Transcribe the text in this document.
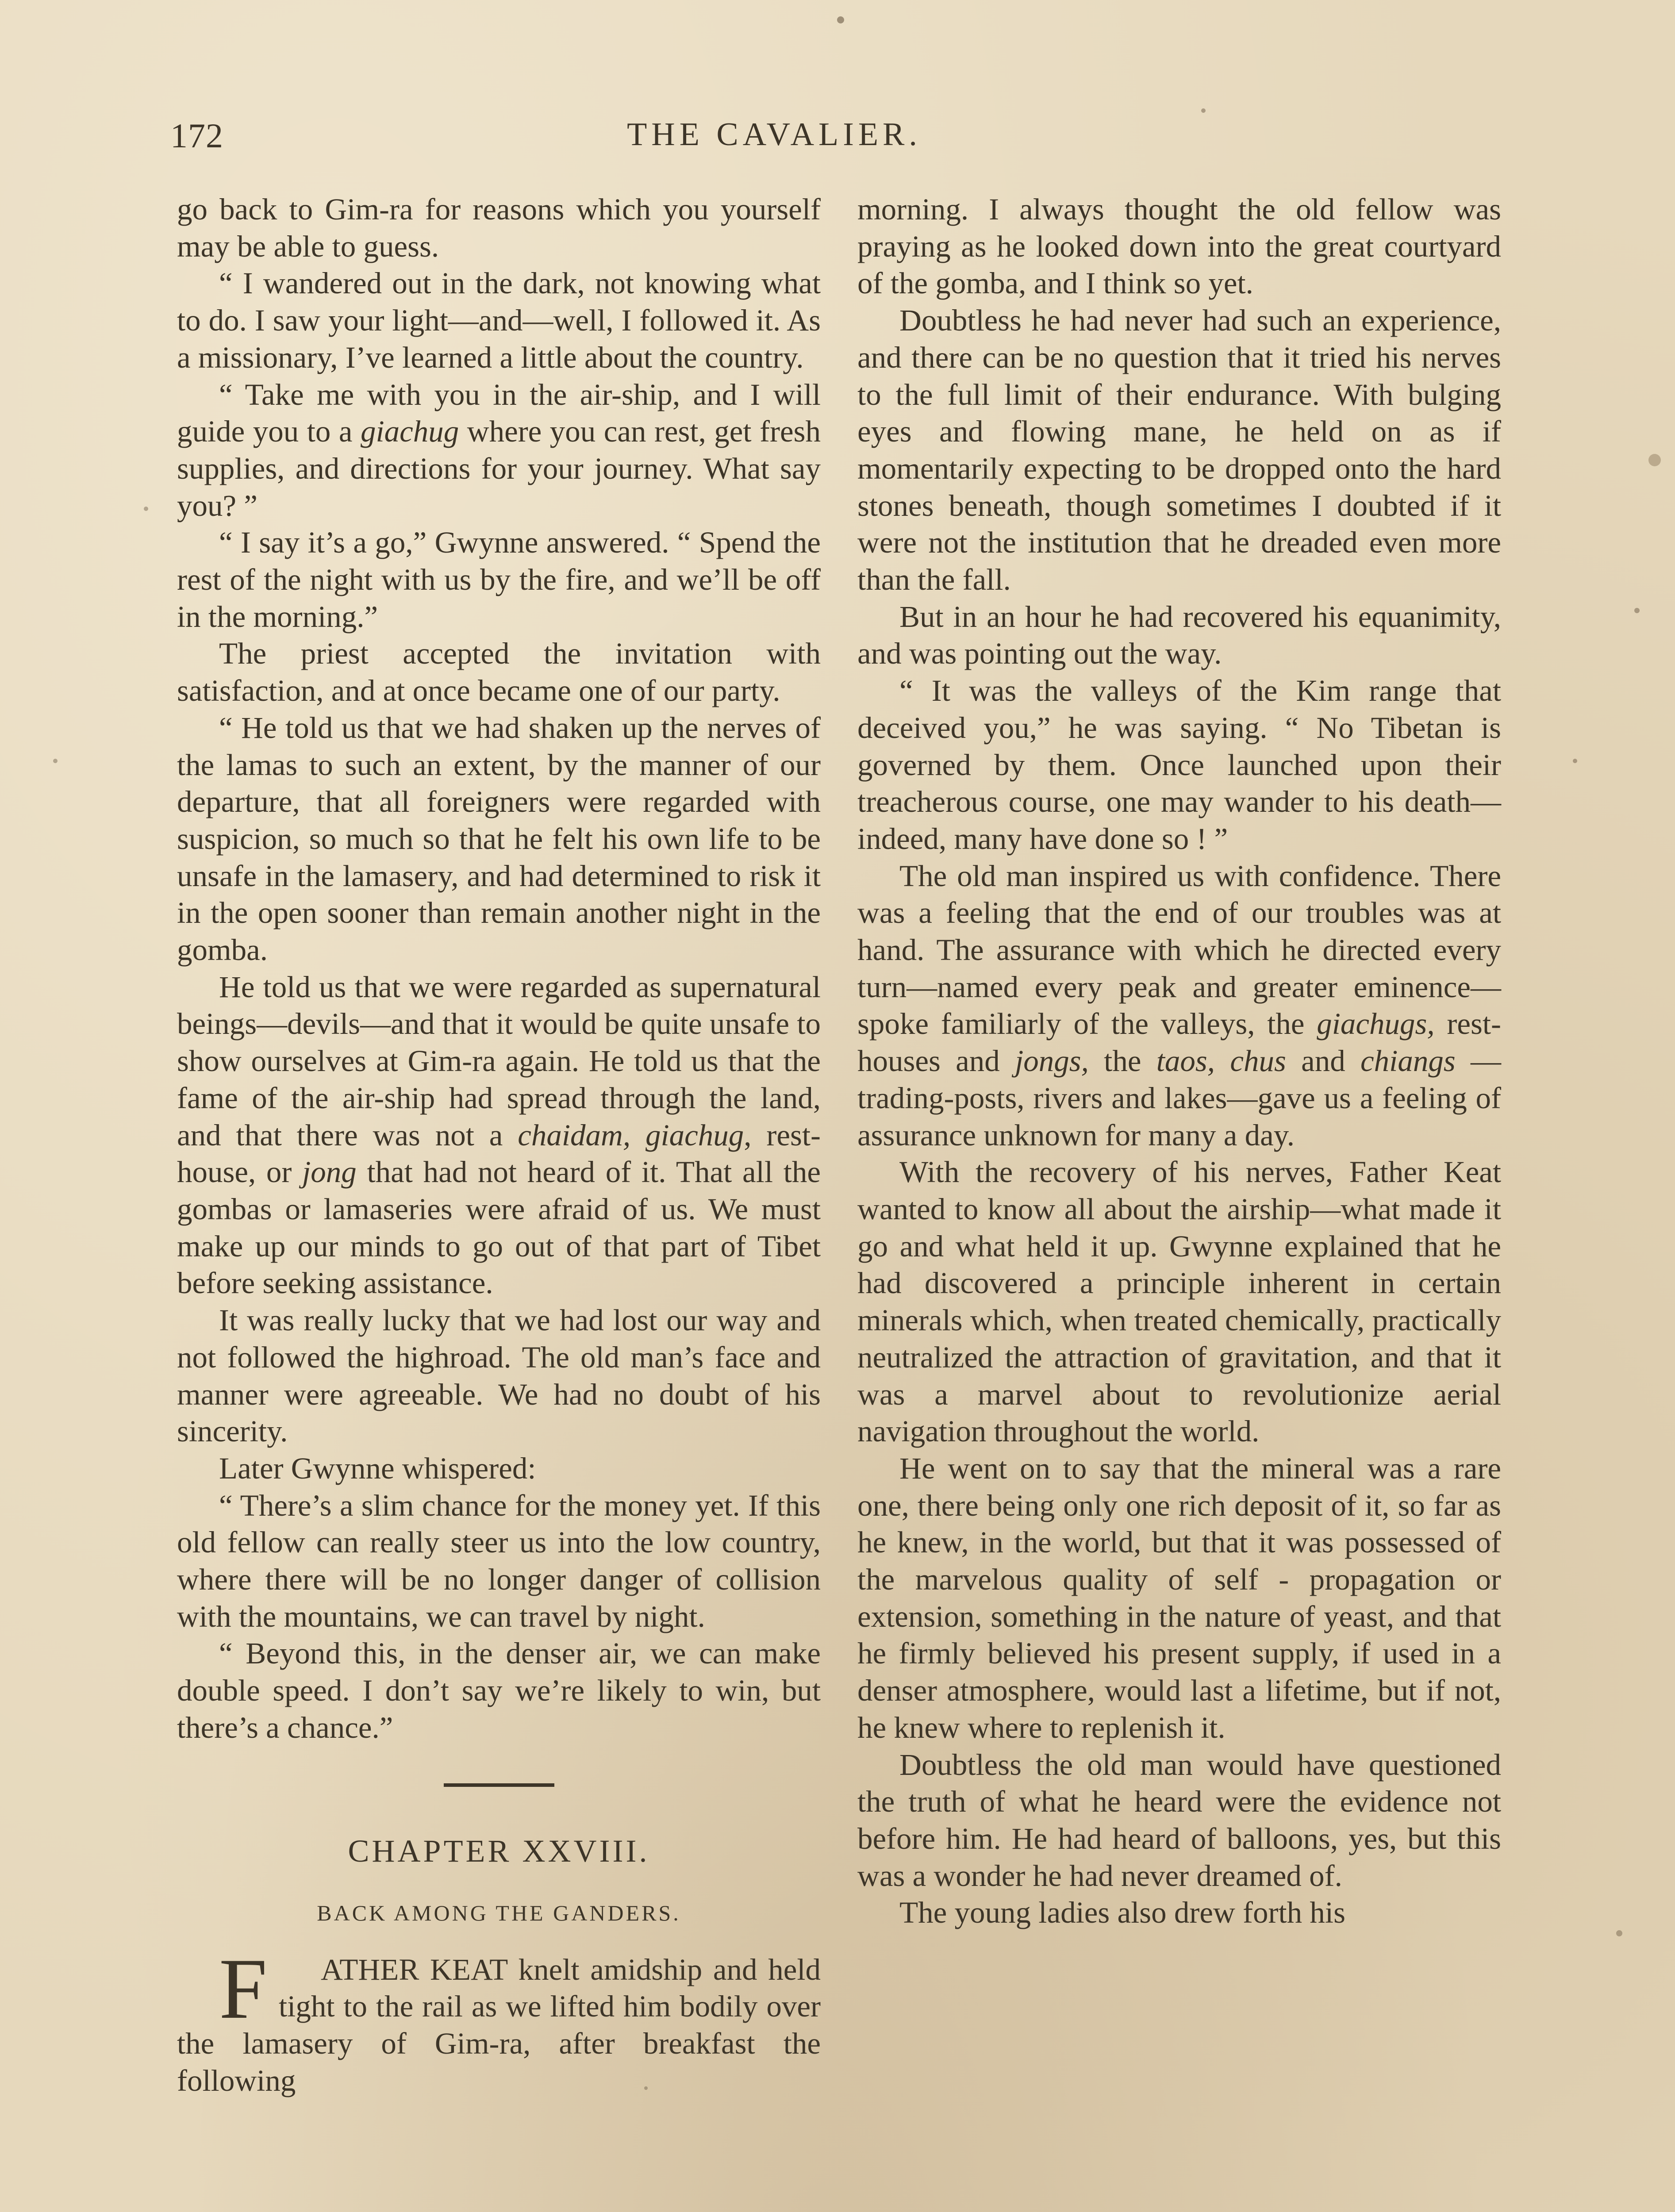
172	THE CAVALIER.

go back to Gim-ra for reasons which you yourself may be able to guess.

“ I wandered out in the dark, not knowing what to do. I saw your light—and—well, I followed it. As a missionary, I’ve learned a little about the country.

“ Take me with you in the air-ship, and I will guide you to a giachug where you can rest, get fresh supplies, and directions for your journey. What say you? ”

“ I say it’s a go,” Gwynne answered. “ Spend the rest of the night with us by the fire, and we’ll be off in the morning.”

The priest accepted the invitation with satisfaction, and at once became one of our party.

“ He told us that we had shaken up the nerves of the lamas to such an extent, by the manner of our departure, that all foreigners were regarded with suspicion, so much so that he felt his own life to be unsafe in the lamasery, and had determined to risk it in the open sooner than remain another night in the gomba.

He told us that we were regarded as supernatural beings—devils—and that it would be quite unsafe to show ourselves at Gim-ra again. He told us that the fame of the air-ship had spread through the land, and that there was not a chaidam, giachug, rest-house, or jong that had not heard of it. That all the gombas or lamaseries were afraid of us. We must make up our minds to go out of that part of Tibet before seeking assistance.

It was really lucky that we had lost our way and not followed the highroad. The old man’s face and manner were agreeable. We had no doubt of his sincerity.

Later Gwynne whispered:

“ There’s a slim chance for the money yet. If this old fellow can really steer us into the low country, where there will be no longer danger of collision with the mountains, we can travel by night.

“ Beyond this, in the denser air, we can make double speed. I don’t say we’re likely to win, but there’s a chance.”

CHAPTER XXVIII.
BACK AMONG THE GANDERS.

F ATHER KEAT knelt amidship and held tight to the rail as we lifted him bodily over the lamasery of Gim-ra, after breakfast the following

morning. I always thought the old fellow was praying as he looked down into the great courtyard of the gomba, and I think so yet.

Doubtless he had never had such an experience, and there can be no question that it tried his nerves to the full limit of their endurance. With bulging eyes and flowing mane, he held on as if momentarily expecting to be dropped onto the hard stones beneath, though sometimes I doubted if it were not the institution that he dreaded even more than the fall.

But in an hour he had recovered his equanimity, and was pointing out the way.

“ It was the valleys of the Kim range that deceived you,” he was saying. “ No Tibetan is governed by them. Once launched upon their treacherous course, one may wander to his death—indeed, many have done so ! ”

The old man inspired us with confidence. There was a feeling that the end of our troubles was at hand. The assurance with which he directed every turn—named every peak and greater eminence—spoke familiarly of the valleys, the giachugs, rest-houses and jongs, the taos, chus and chiangs — trading-posts, rivers and lakes—gave us a feeling of assurance unknown for many a day.

With the recovery of his nerves, Father Keat wanted to know all about the airship—what made it go and what held it up. Gwynne explained that he had discovered a principle inherent in certain minerals which, when treated chemically, practically neutralized the attraction of gravitation, and that it was a marvel about to revolutionize aerial navigation throughout the world.

He went on to say that the mineral was a rare one, there being only one rich deposit of it, so far as he knew, in the world, but that it was possessed of the marvelous quality of self - propagation or extension, something in the nature of yeast, and that he firmly believed his present supply, if used in a denser atmosphere, would last a lifetime, but if not, he knew where to replenish it.

Doubtless the old man would have questioned the truth of what he heard were the evidence not before him. He had heard of balloons, yes, but this was a wonder he had never dreamed of.

The young ladies also drew forth his
